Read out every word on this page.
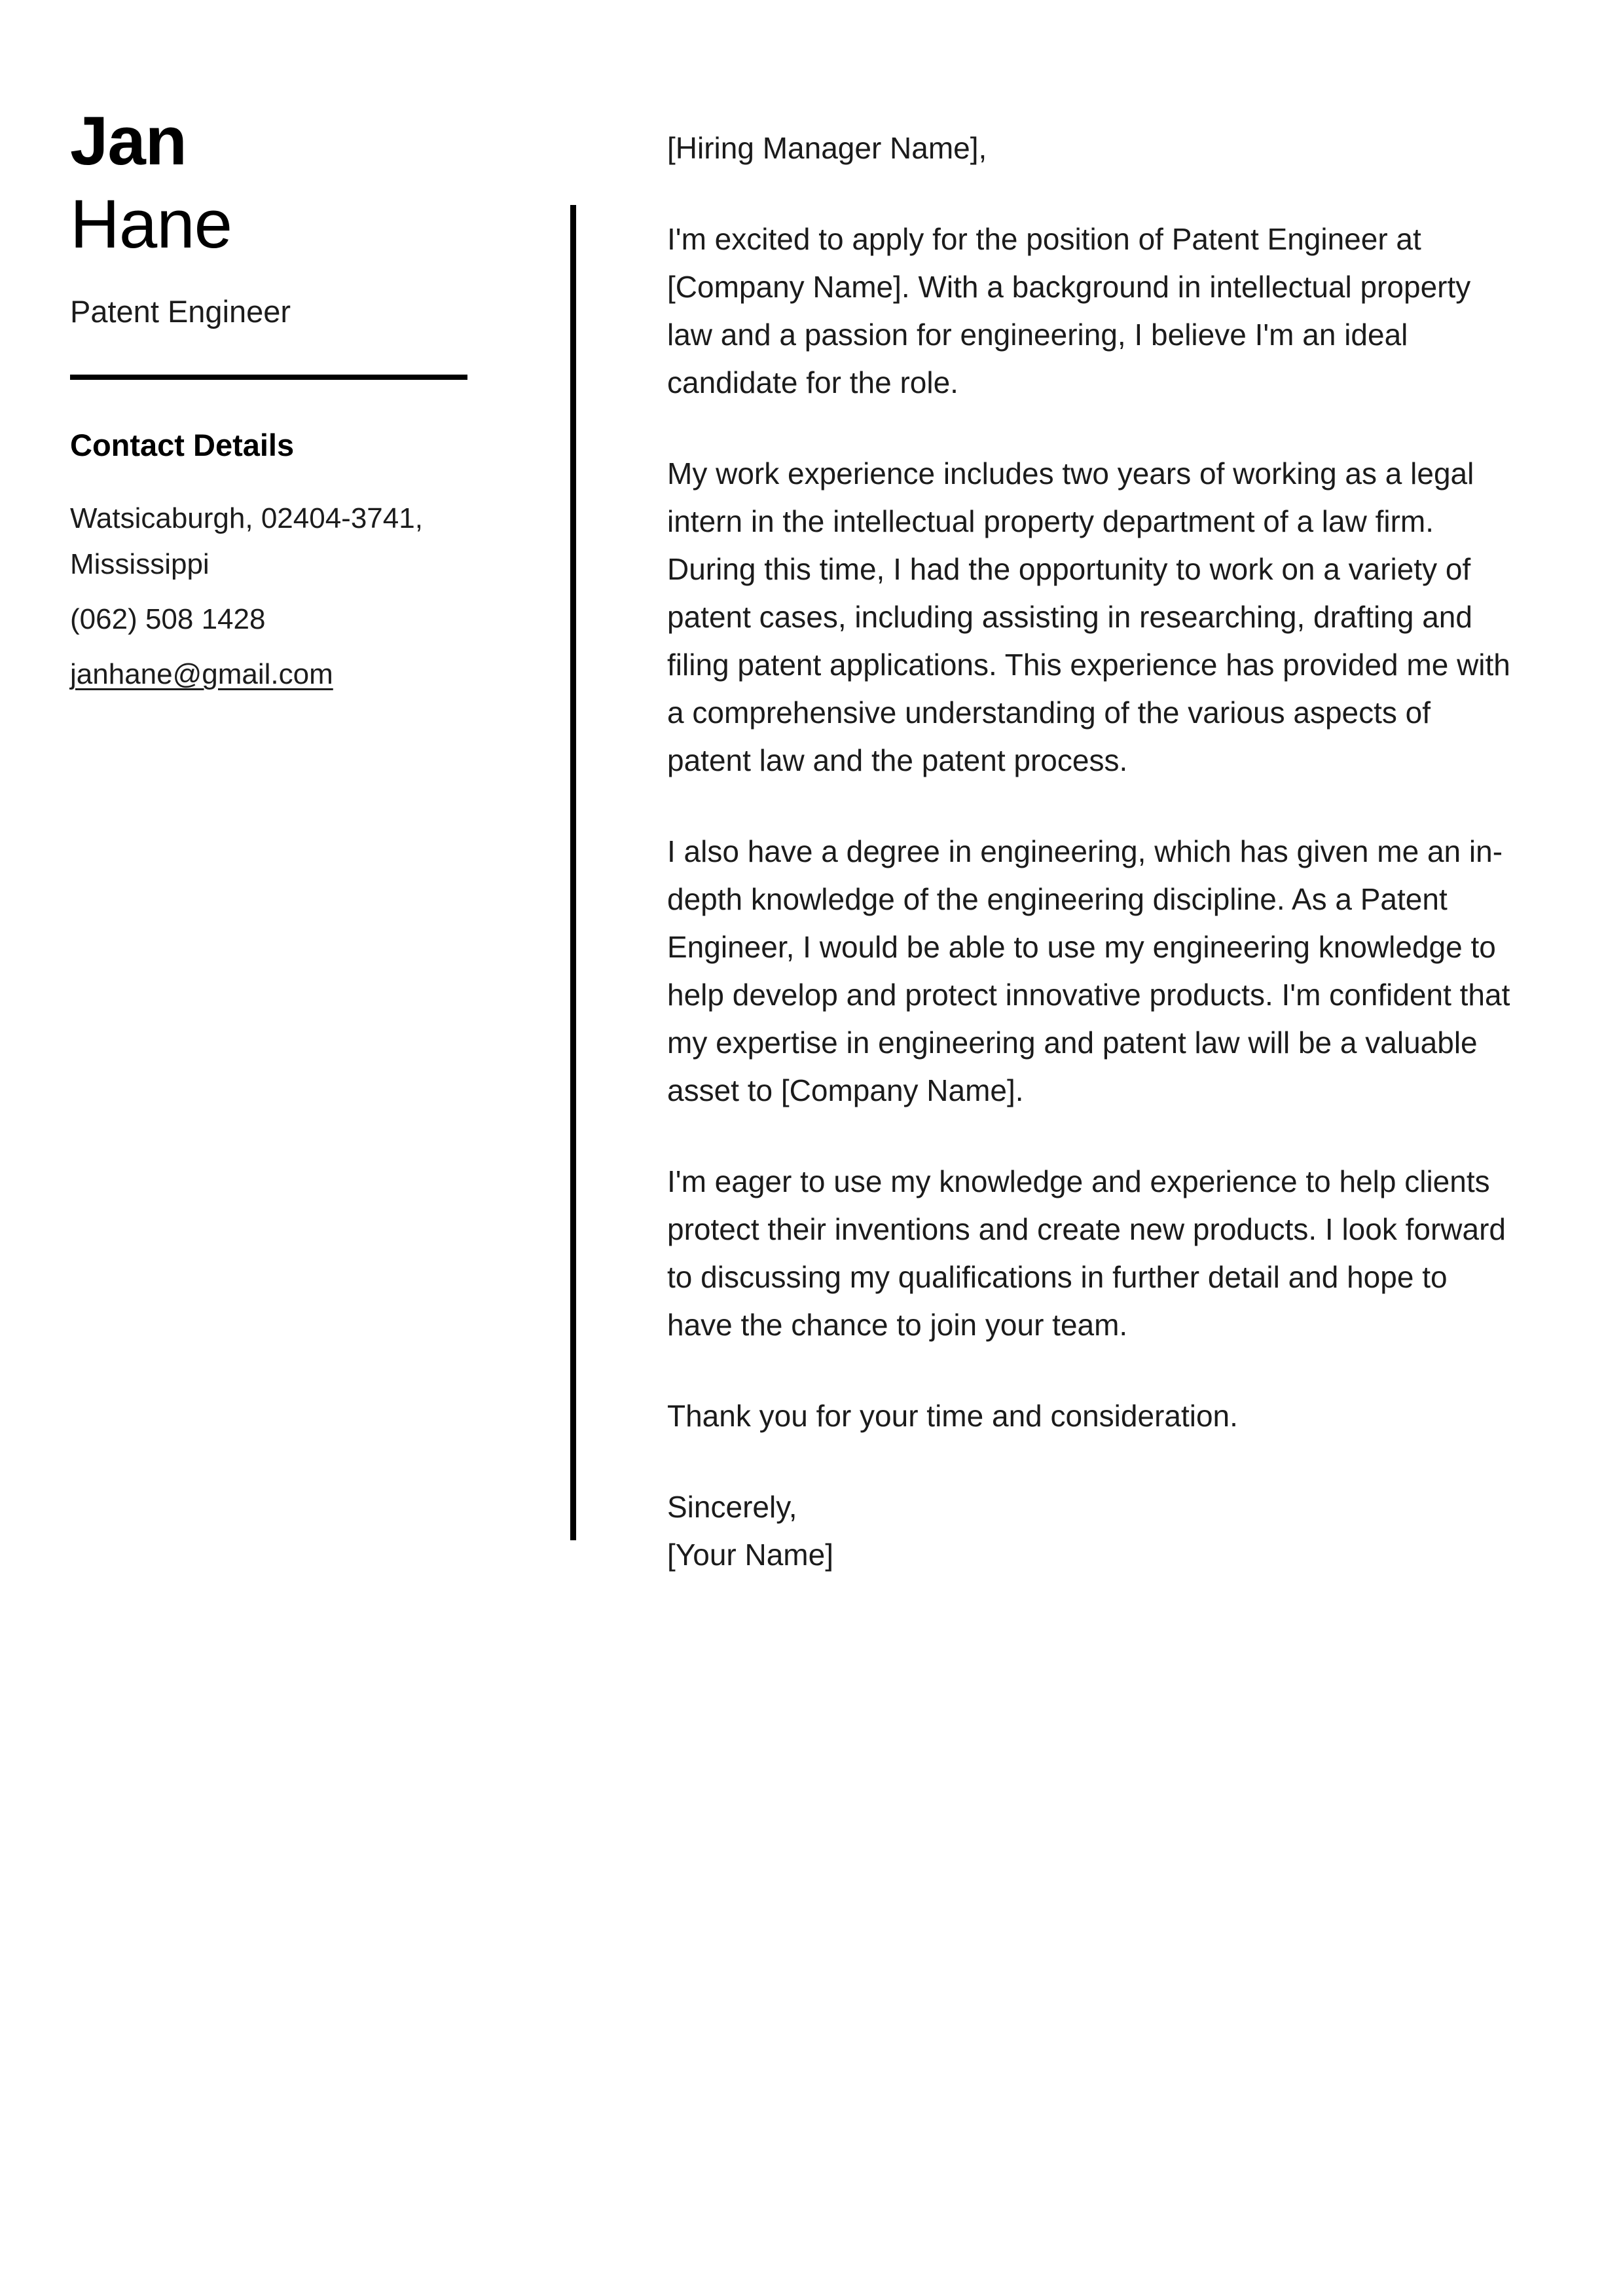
Jan
Hane
Patent Engineer
Contact Details
Watsicaburgh, 02404-3741, Mississippi
(062) 508 1428
janhane@gmail.com

[Hiring Manager Name],

I'm excited to apply for the position of Patent Engineer at [Company Name]. With a background in intellectual property law and a passion for engineering, I believe I'm an ideal candidate for the role.

My work experience includes two years of working as a legal intern in the intellectual property department of a law firm. During this time, I had the opportunity to work on a variety of patent cases, including assisting in researching, drafting and filing patent applications. This experience has provided me with a comprehensive understanding of the various aspects of patent law and the patent process.

I also have a degree in engineering, which has given me an in-depth knowledge of the engineering discipline. As a Patent Engineer, I would be able to use my engineering knowledge to help develop and protect innovative products. I'm confident that my expertise in engineering and patent law will be a valuable asset to [Company Name].

I'm eager to use my knowledge and experience to help clients protect their inventions and create new products. I look forward to discussing my qualifications in further detail and hope to have the chance to join your team.

Thank you for your time and consideration.

Sincerely,

[Your Name]
